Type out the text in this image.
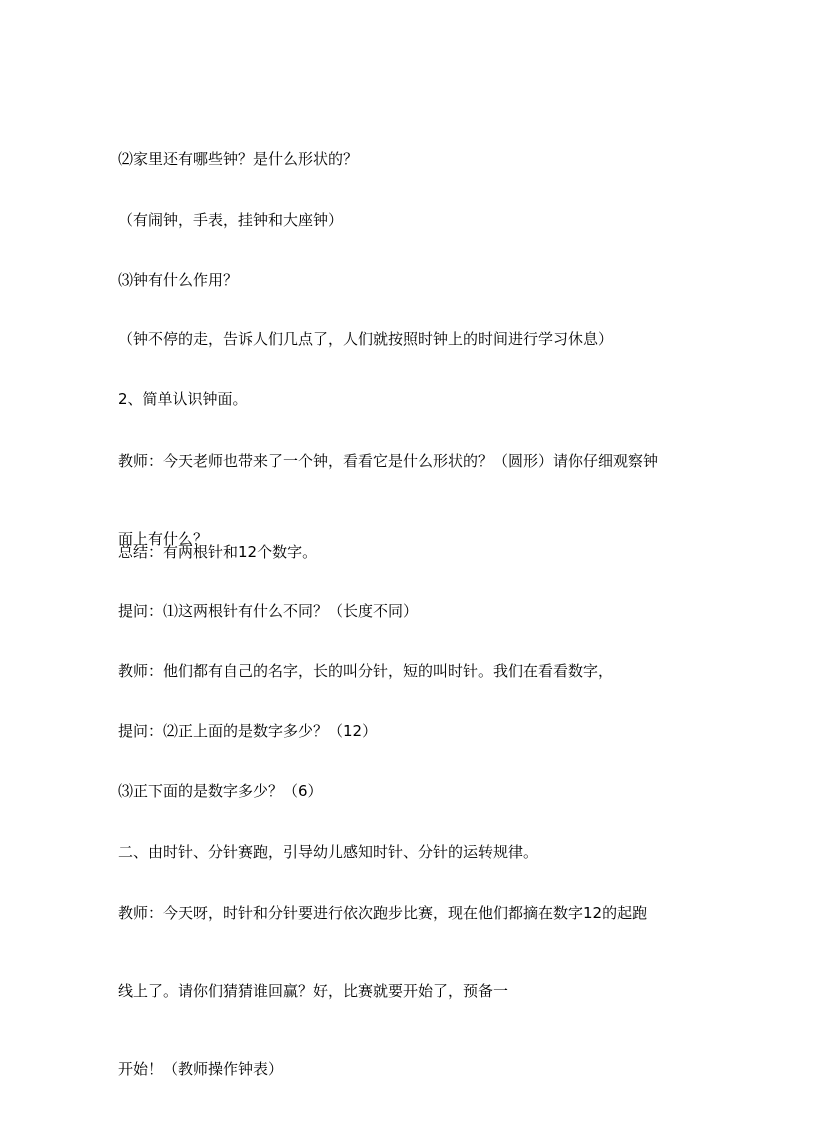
⑵家里还有哪些钟？是什么形状的？

（有闹钟，手表，挂钟和大座钟）

⑶钟有什么作用？

（钟不停的走，告诉人们几点了，人们就按照时钟上的时间进行学习休息）

2、简单认识钟面。

教师：今天老师也带来了一个钟，看看它是什么形状的？（圆形）请你仔细观察钟

面上有什么？

总结：有两根针和12个数字。

提问：⑴这两根针有什么不同？（长度不同）

教师：他们都有自己的名字，长的叫分针，短的叫时针。我们在看看数字，

提问：⑵正上面的是数字多少？（12）

⑶正下面的是数字多少？（6）

二、由时针、分针赛跑，引导幼儿感知时针、分针的运转规律。

教师：今天呀，时针和分针要进行依次跑步比赛，现在他们都摘在数字12的起跑

线上了。请你们猜猜谁回赢？好，比赛就要开始了，预备一

开始！（教师操作钟表）
